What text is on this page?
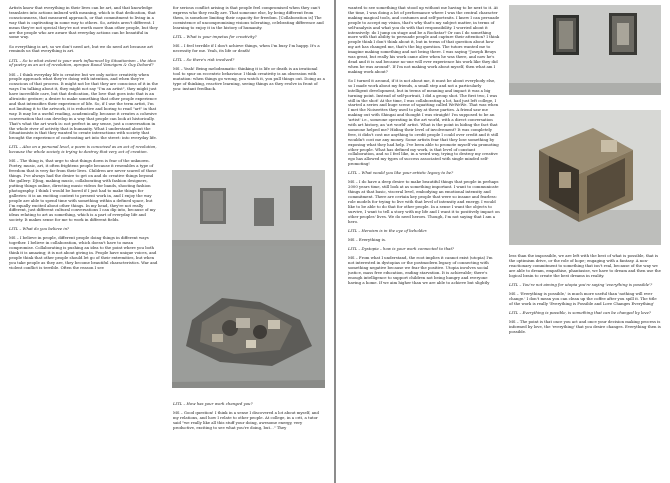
Artists know that everything in their lives can be art, and that knowledge translates into actions imbued with meaning, which is that dedication, that consciousness, that measured approach, or that commitment to living in a way that is captivating in some way to others. So, artists aren't different. I mean they're not special they're not worth more than other people, but they are the people who are aware that everyday actions can be beautiful in some way.

So everything is art, so we don't need art, but we do need art because art reminds us that everything is art.

LITL – So to what extent is your work influenced by Situationism – the idea of poetry as an act of revolution, apropos Raoul Vaneigem & Guy Debord?

MS – I think everyday life is creative but we only notice creativity when people approach what they're doing with intention, and when they're conscious of that process. It might not be that they are conscious of it in the ways I'm talking about it, they might not say "I'm an artist", they might just have incredible care, but that dedication, the love that goes into that is an altruistic gesture; a desire to make something that other people experience and that intensifies their experience of life. So, if I use the term artist, I'm not limiting it to the artwork, it is reductive and boring to read "art" in that way. It may be a useful reading, academically, because it creates a cohesive conversation that can develop in a way that people can look at historically. That's what the art work is: not perfect in any sense, just a conversation in the whole river of activity that is humanity. What I understand about the Situationists is that they wanted to create interactions with society that brought the experience of confronting art into the street: into everyday life.

LITL – Also on a personal level, a poem is conceived as an act of revolution, because the whole society is trying to destroy that very act of creation.

MS – The thing is, that urge to shut things down is fear of the unknown. Poetry, music, art, it often frightens people because it resembles a type of freedom that is very far from their lives. Children are never scared of those things. I've always had the desire to get on and do creative things beyond the gallery: DJing, making music, collaborating with fashion designers, putting things online, directing music videos for bands, shooting fashion photography. I think I would be bored if I just had to make things for galleries: it is an exciting context to present work in, and I enjoy the way people are able to spend time with something within a defined space, but I'm equally excited about other things. In my head, they're not really different, just different cultural conversations I can dip into, because of my ideas relating to art as something, which is a part of everyday life and society. It makes sense for me to work in different fields.

LITL – What do you believe in?

MS – I believe in people, different people doing things in different ways together. I believe in collaboration, which doesn't have to mean compromise. Collaborating is pushing an idea to the point where you both think it is amazing; it is not about giving in. People have unique voices, and people think that other people should let go of their extremities, but when you take people as they are, they become beautiful characteristics. War and violent conflict is terrible. Often the reason I see

for serious conflict arising is that people feel compromised when they can't express who they really are. That someone else, by being different from them, is somehow limiting their capacity for freedom. [Collaboration is] The coexistence of uncompromising visions tolerating, celebrating difference and learning to enjoy it in the history of humanity.

LITL – What is your impetus for creativity?

MS – I feel terrible if I don't achieve things, when I'm busy I'm happy. It's a necessity for me. Yeah, its life or death!

LITL – So there's risk involved?

MS – Yeah! Being melodramatic: thinking it is life or death is an irrational tool to spur on eccentric behaviour. I think creativity is an obsession with mutation: when things go wrong, you watch it, you pull things out. Doing as a type of thinking, reactive learning, seeing things as they evolve in front of you: instant feedback.

LITL – How has your work changed you?

MS – Good question! I think in a sense I discovered a lot about myself, and my relations, and how I relate to other people. At college, in a crit, a tutor said "we really like all this stuff your doing, awesome energy, very productive, exciting to see what you're doing, but…" They

wanted to see something that stood up without me having to be next to it. At the time, I was doing a lot of performance where I was the central character making magical tools, and costumes and self-portraits. I knew I can persuade people to accept my vision, that's why that's my subject matter, in terms of self-analysis and what you do with that responsibility. I worried about it intensively: do I jump on stage and be a Rockstar? Or can I do something more with that ability to persuade people and capture their attention? I think people think I don't think about it, but in terms of that question about how my art has changed me, that's the big question. The tutors wanted me to imagine making something and not being there. I was saying "Joseph Beuys was great, but really his work came alive when he was there, and now he's dead and it is sad because no-one will ever experience his work like they did when he was around". If I'm not making work about myself, then what am I making work about?

So I turned it around, if it is not about me, it must be about everybody else, so I made work about my friends, a small step and not a particularly intelligent development, but in terms of meaning and impact it was a big turning point. Instead of self-portrait, I did a group shot. The first two, I was still in the shot! At the time, I was collaborating a lot, had just left college, I started a series and huge scene of squatting called WeWeWe. That was when I met the Noiseettes they used to play at these parties. A friend saw me making out with Shingai and thought I was straight! I'm supposed to be an 'artist' i.e., someone operating in the art world, with a direct conversation with art history, an 'art world' artist. What is the point in hiding the fact that someone helped me? Hiding their level of involvement? It was completely free, it didn't cost me anything to credit people I could over credit and it still wouldn't cost me any money. Some artists fear that they lose something by exposing what they had help. I've been able to promote myself via promoting other people. What has defined my work, is that level of constant collaboration, and so I feel like, in a weird way, trying to destroy my creative ego has allowed my types of success associated with single minded self-promoting!

LITL – What would you like your artistic legacy to be?

MS – I do have a deep desire to make beautiful things that people in perhaps 2000 years time, still look at as something important. I want to communicate things at that basic, visceral level, embodying an emotional intensity and commitment. There are certain key people that were so insane and fearless: role models for trying to live with that level of intensity and energy. I would like to be able to do that for other people. In a sense I want the objects to survive, I want to tell a story with my life and I want it to positively impact on other peoples' lives. We do need heroes. Though, I'm not saying that I am a hero.

LITL – Heroism is in the eye of beholder.

MS – Everything is.

LITL – Dystopia – how is your work connected to that?

MS – From what I understand, the root implies it cannot exist (utopia) I'm not interested in dystopias or the postmodern legacy of connecting with something negative because we fear the positive. Utopia involves social justice, mass free education, ending starvation. It is achievable; there's enough intelligence to support children not being hungry and everyone having a home. If we aim higher than we are able to achieve but slightly

less than the impossible, we are left with the best of what is possible, that is the optimism drive, or the role of hope; engaging with a fantasy. A non-reactionary commitment to something that isn't real, because of the way we are able to dream, empathise, phantasise, we have to dream and then use the logical brain to create the best dreams in reality.

LITL – You're not aiming for utopia you're saying 'everything is possible'?

MS – 'Everything is possible,' is much more useful than 'nothing will ever change.' I don't mean you can clean up the coffee after you spill it. The title of the work is really 'Everything is Possible and Love Changes Everything'

LITL – Everything is possible, is something that can be changed by love?

MS – The point is that once you act and once your decision making process is informed by love, the 'everything' that you desire changes. Everything then is possible.
